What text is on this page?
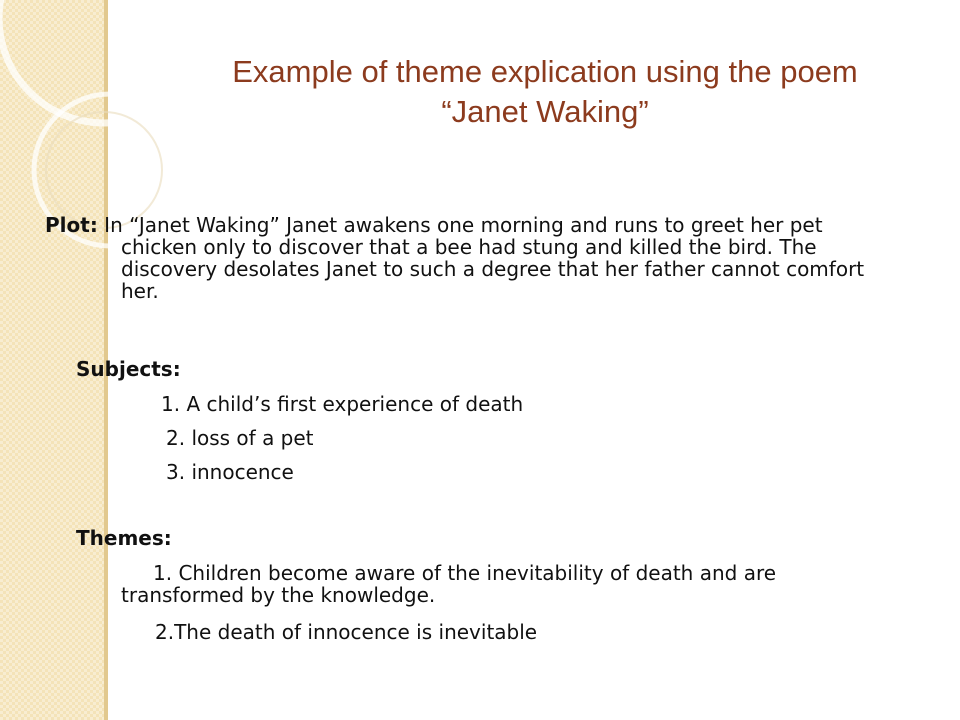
Example of theme explication using the poem
“Janet Waking”
Plot: In “Janet Waking” Janet awakens one morning and runs to greet her pet chicken only to discover that a bee had stung and killed the bird. The discovery desolates Janet to such a degree that her father cannot comfort her.
Subjects:
1. A child’s first experience of death
2. loss of a pet
3. innocence
Themes:
1. Children become aware of the inevitability of death and are transformed by the knowledge.
2.The death of innocence is inevitable
